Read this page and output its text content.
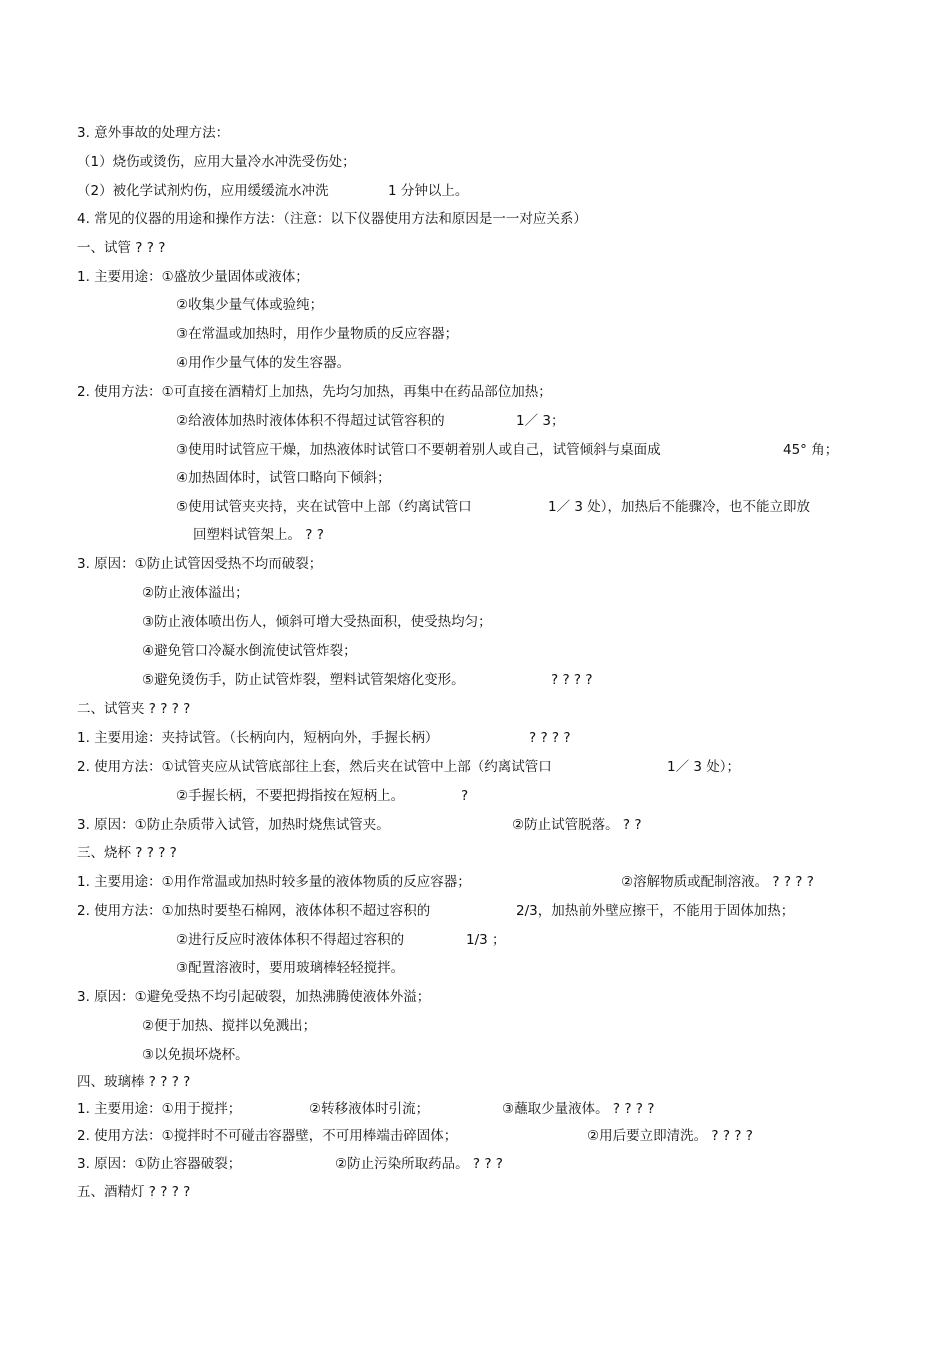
3. 意外事故的处理方法：
（1）烧伤或烫伤，应用大量冷水冲洗受伤处；
（2）被化学试剂灼伤，应用缓缓流水冲洗	1 分钟以上。
4. 常见的仪器的用途和操作方法：（注意：以下仪器使用方法和原因是一一对应关系）
一、试管 ? ? ?
1. 主要用途：①盛放少量固体或液体；
②收集少量气体或验纯；
③在常温或加热时，用作少量物质的反应容器；
④用作少量气体的发生容器。
2. 使用方法：①可直接在酒精灯上加热，先均匀加热，再集中在药品部位加热；
②给液体加热时液体体积不得超过试管容积的	1／ 3；
③使用时试管应干燥，加热液体时试管口不要朝着别人或自己，试管倾斜与桌面成	45° 角；
④加热固体时，试管口略向下倾斜；
⑤使用试管夹夹持，夹在试管中上部（约离试管口	1／ 3 处），加热后不能骤冷，也不能立即放
回塑料试管架上。 ? ?
3. 原因：①防止试管因受热不均而破裂；
②防止液体溢出；
③防止液体喷出伤人，倾斜可增大受热面积，使受热均匀；
④避免管口冷凝水倒流使试管炸裂；
⑤避免烫伤手，防止试管炸裂，塑料试管架熔化变形。	? ? ? ?
二、试管夹 ? ? ? ?
1. 主要用途：夹持试管。（长柄向内，短柄向外，手握长柄）	? ? ? ?
2. 使用方法：①试管夹应从试管底部往上套，然后夹在试管中上部（约离试管口	1／ 3 处）；
②手握长柄，不要把拇指按在短柄上。	?
3. 原因：①防止杂质带入试管，加热时烧焦试管夹。	②防止试管脱落。 ? ?
三、烧杯 ? ? ? ?
1. 主要用途：①用作常温或加热时较多量的液体物质的反应容器；	②溶解物质或配制溶液。 ? ? ? ?
2. 使用方法：①加热时要垫石棉网，液体体积不超过容积的	2/3，加热前外壁应擦干，不能用于固体加热；
②进行反应时液体体积不得超过容积的	1/3 ；
③配置溶液时，要用玻璃棒轻轻搅拌。
3. 原因：①避免受热不均引起破裂，加热沸腾使液体外溢；
②便于加热、搅拌以免溅出；
③以免损坏烧杯。
四、玻璃棒 ? ? ? ?
1. 主要用途：①用于搅拌；	②转移液体时引流；	③蘸取少量液体。 ? ? ? ?
2. 使用方法：①搅拌时不可碰击容器壁，不可用棒端击碎固体；	②用后要立即清洗。 ? ? ? ?
3. 原因：①防止容器破裂；	②防止污染所取药品。 ? ? ?
五、酒精灯 ? ? ? ?
